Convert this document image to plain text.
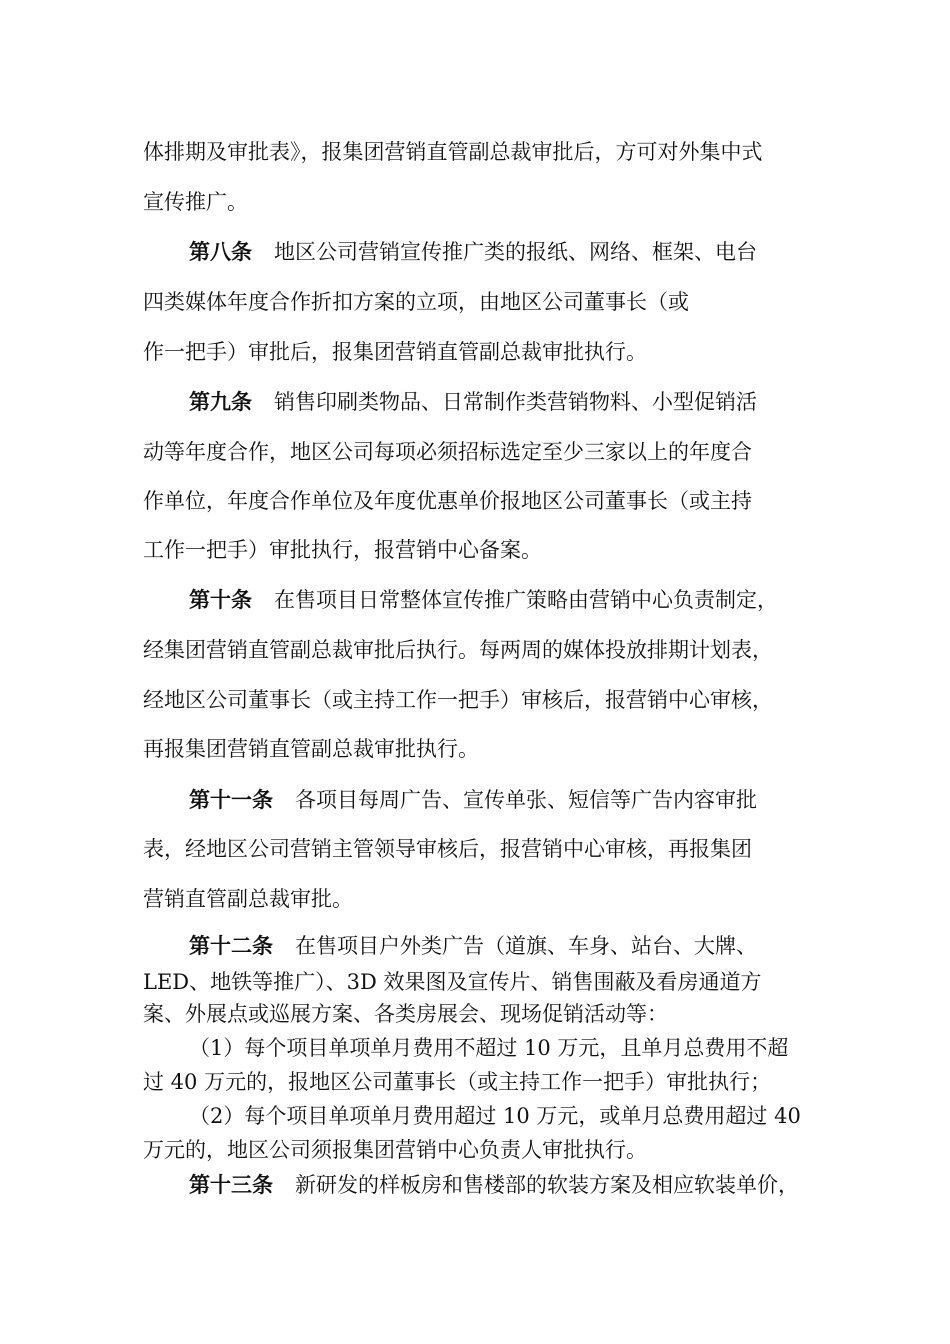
体排期及审批表》，报集团营销直管副总裁审批后，方可对外集中式
宣传推广。
第八条 地区公司营销宣传推广类的报纸、网络、框架、电台
四类媒体年度合作折扣方案的立项，由地区公司董事长（或
作一把手）审批后，报集团营销直管副总裁审批执行。
第九条 销售印刷类物品、日常制作类营销物料、小型促销活
动等年度合作，地区公司每项必须招标选定至少三家以上的年度合
作单位，年度合作单位及年度优惠单价报地区公司董事长（或主持
工作一把手）审批执行，报营销中心备案。
第十条 在售项目日常整体宣传推广策略由营销中心负责制定，
经集团营销直管副总裁审批后执行。每两周的媒体投放排期计划表，
经地区公司董事长（或主持工作一把手）审核后，报营销中心审核，
再报集团营销直管副总裁审批执行。
第十一条 各项目每周广告、宣传单张、短信等广告内容审批
表，经地区公司营销主管领导审核后，报营销中心审核，再报集团
营销直管副总裁审批。
第十二条 在售项目户外类广告（道旗、车身、站台、大牌、
LED、地铁等推广）、3D 效果图及宣传片、销售围蔽及看房通道方
案、外展点或巡展方案、各类房展会、现场促销活动等：
（1）每个项目单项单月费用不超过 10 万元，且单月总费用不超
过 40 万元的，报地区公司董事长（或主持工作一把手）审批执行；
（2）每个项目单项单月费用超过 10 万元，或单月总费用超过 40
万元的，地区公司须报集团营销中心负责人审批执行。
第十三条 新研发的样板房和售楼部的软装方案及相应软装单价，
